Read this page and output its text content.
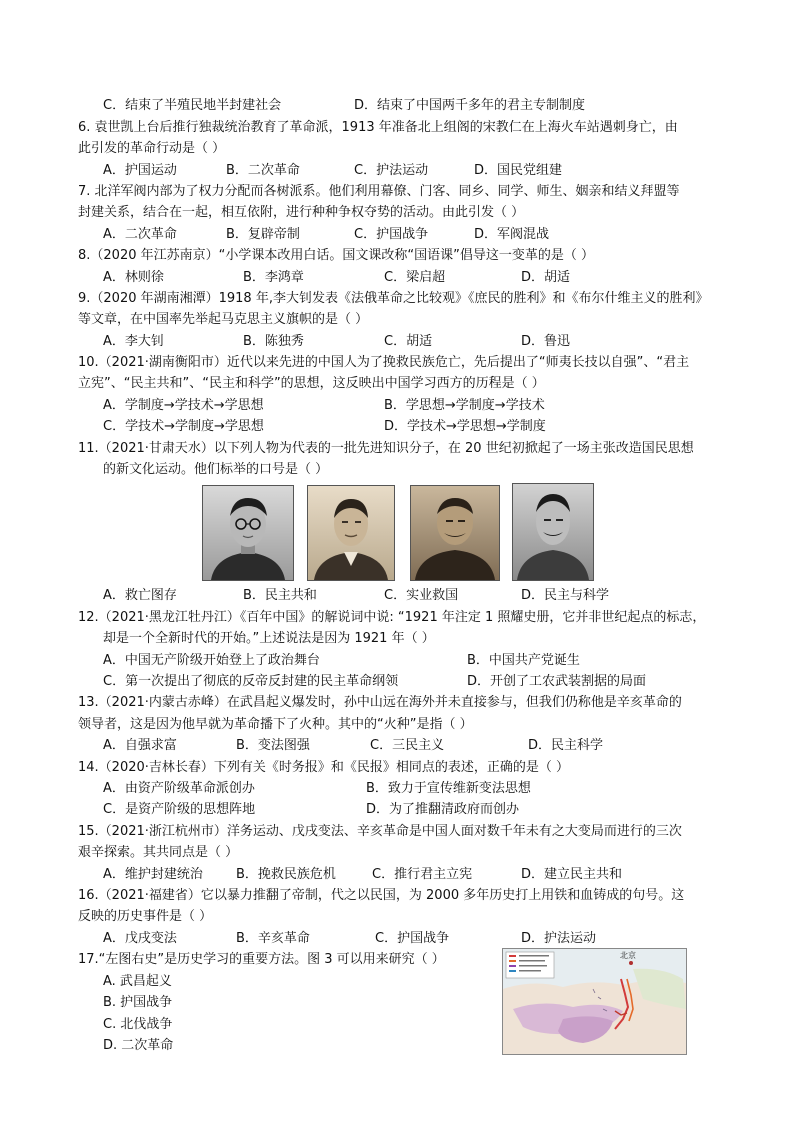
C．结束了半殖民地半封建社会	D．结束了中国两千多年的君主专制制度
6. 袁世凯上台后推行独裁统治教育了革命派，1913 年准备北上组阁的宋教仁在上海火车站遇刺身亡，由
此引发的革命行动是（ ）
A．护国运动	B．二次革命	C．护法运动	D．国民党组建
7. 北洋军阀内部为了权力分配而各树派系。他们利用幕僚、门客、同乡、同学、师生、姻亲和结义拜盟等
封建关系，结合在一起，相互依附，进行种种争权夺势的活动。由此引发（ ）
A．二次革命	B．复辟帝制	C．护国战争	D．军阀混战
8.（2020 年江苏南京）“小学课本改用白话。国文课改称“国语课”倡导这一变革的是（ ）
A．林则徐	B．李鸿章	C．梁启超	D．胡适
9.（2020 年湖南湘潭）1918 年,李大钊发表《法俄革命之比较观》《庶民的胜利》和《布尔什维主义的胜利》
等文章，在中国率先举起马克思主义旗帜的是（ ）
A．李大钊	B．陈独秀	C．胡适	D．鲁迅
10.（2021·湖南衡阳市）近代以来先进的中国人为了挽救民族危亡，先后提出了“师夷长技以自强”、“君主
立宪”、“民主共和”、“民主和科学”的思想，这反映出中国学习西方的历程是（ ）
A．学制度→学技术→学思想	B．学思想→学制度→学技术
C．学技术→学制度→学思想	D．学技术→学思想→学制度
11.（2021·甘肃天水）以下列人物为代表的一批先进知识分子，在 20 世纪初掀起了一场主张改造国民思想
的新文化运动。他们标举的口号是（ ）
A．救亡图存	B．民主共和	C．实业救国	D．民主与科学
12.（2021·黑龙江牡丹江）《百年中国》的解说词中说: “1921 年注定 1 照耀史册，它并非世纪起点的标志，
却是一个全新时代的开始。”上述说法是因为 1921 年（ ）
A．中国无产阶级开始登上了政治舞台	B．中国共产党诞生
C．第一次提出了彻底的反帝反封建的民主革命纲领	D．开创了工农武装割据的局面
13.（2021·内蒙古赤峰）在武昌起义爆发时，孙中山远在海外并未直接参与，但我们仍称他是辛亥革命的
领导者，这是因为他早就为革命播下了火种。其中的“火种”是指（ ）
A．自强求富	B．变法图强	C．三民主义	D．民主科学
14.（2020·吉林长春）下列有关《时务报》和《民报》相同点的表述，正确的是（ ）
A．由资产阶级革命派创办	B．致力于宣传维新变法思想
C．是资产阶级的思想阵地	D．为了推翻清政府而创办
15.（2021·浙江杭州市）洋务运动、戊戌变法、辛亥革命是中国人面对数千年未有之大变局而进行的三次
艰辛探索。其共同点是（ ）
A．维护封建统治	B．挽救民族危机	C．推行君主立宪	D．建立民主共和
16.（2021·福建省）它以暴力推翻了帝制，代之以民国，为 2000 多年历史打上用铁和血铸成的句号。这
反映的历史事件是（ ）
A．戊戌变法	B．辛亥革命	C．护国战争	D．护法运动
17.“左图右史”是历史学习的重要方法。图 3 可以用来研究（ ）
A. 武昌起义
B. 护国战争
C. 北伐战争
D. 二次革命
北京
